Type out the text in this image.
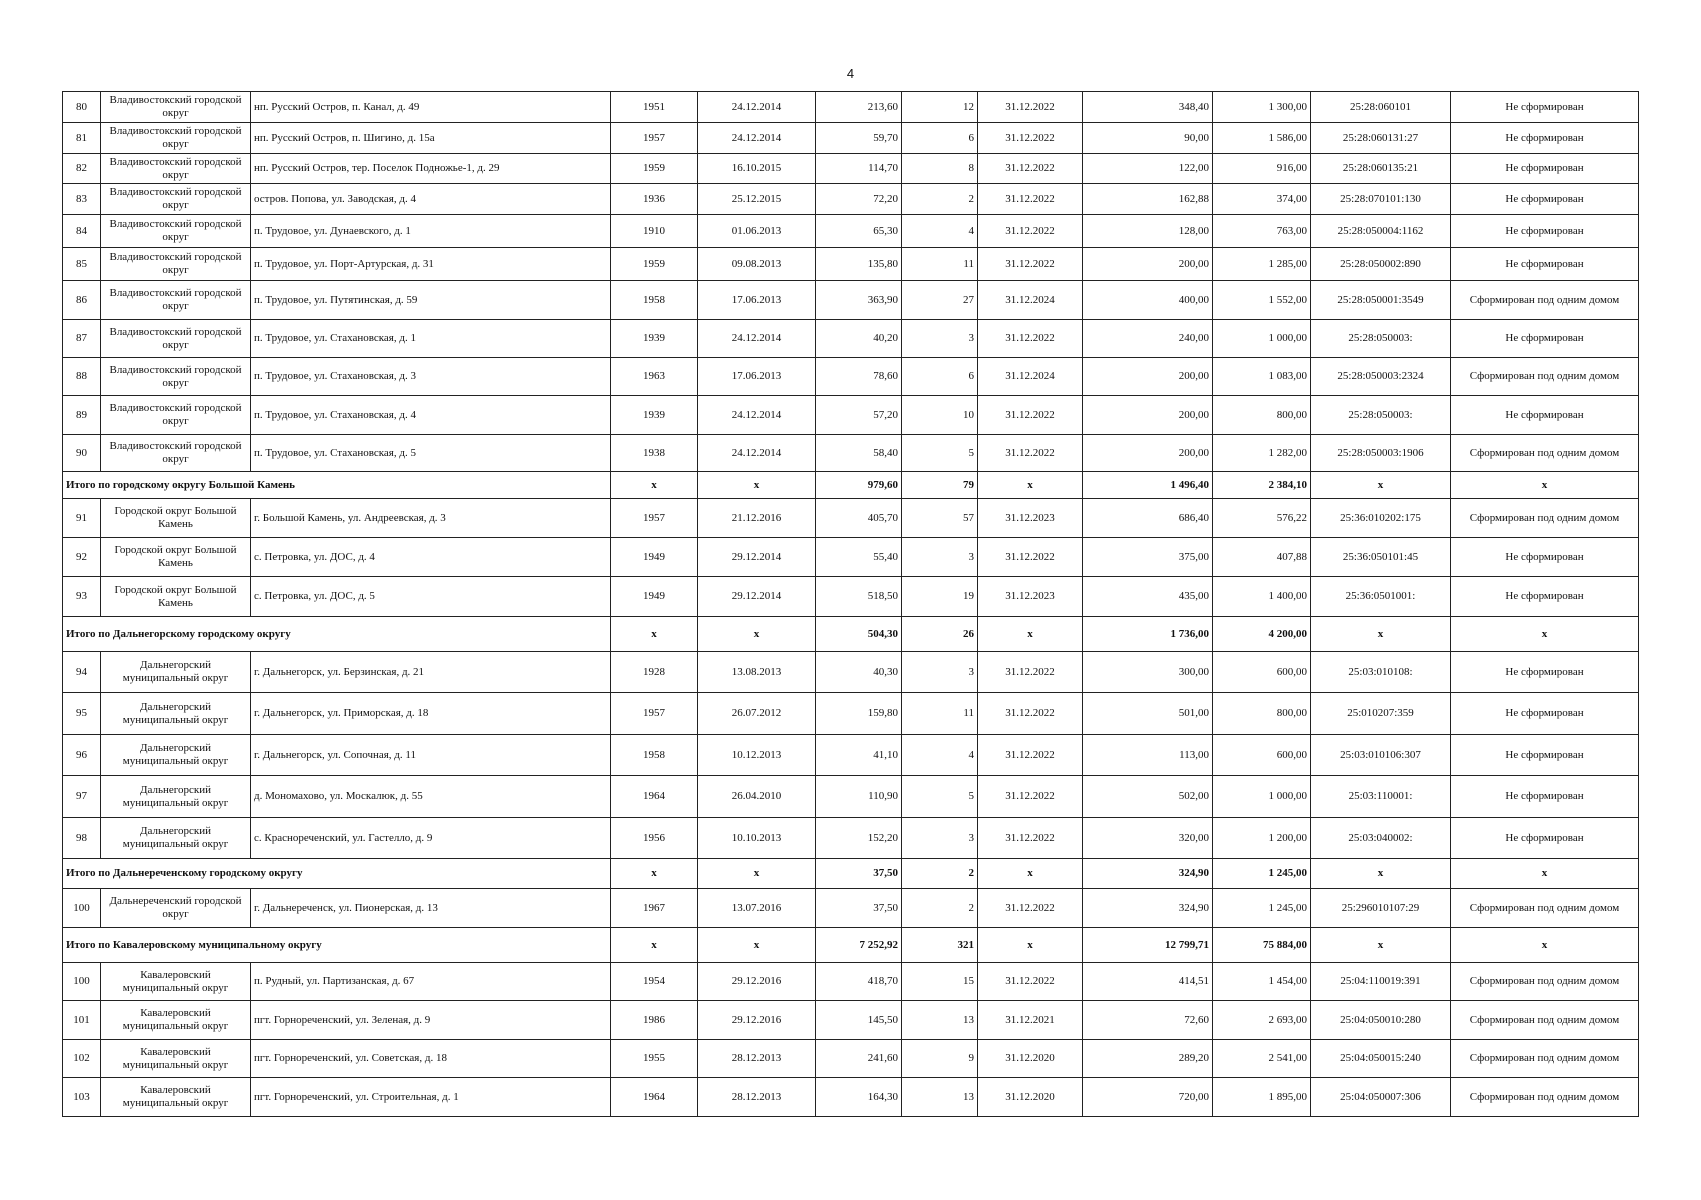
4
80	Владивостокский городской округ	нп. Русский Остров, п. Канал, д. 49	1951	24.12.2014	213,60	12	31.12.2022	348,40	1 300,00	25:28:060101	Не сформирован
81	Владивостокский городской округ	нп. Русский Остров, п. Шигино, д. 15а	1957	24.12.2014	59,70	6	31.12.2022	90,00	1 586,00	25:28:060131:27	Не сформирован
82	Владивостокский городской округ	нп. Русский Остров, тер. Поселок Подножье-1, д. 29	1959	16.10.2015	114,70	8	31.12.2022	122,00	916,00	25:28:060135:21	Не сформирован
83	Владивостокский городской округ	остров. Попова, ул. Заводская, д. 4	1936	25.12.2015	72,20	2	31.12.2022	162,88	374,00	25:28:070101:130	Не сформирован
84	Владивостокский городской округ	п. Трудовое, ул. Дунаевского, д. 1	1910	01.06.2013	65,30	4	31.12.2022	128,00	763,00	25:28:050004:1162	Не сформирован
85	Владивостокский городской округ	п. Трудовое, ул. Порт-Артурская, д. 31	1959	09.08.2013	135,80	11	31.12.2022	200,00	1 285,00	25:28:050002:890	Не сформирован
86	Владивостокский городской округ	п. Трудовое, ул. Путятинская, д. 59	1958	17.06.2013	363,90	27	31.12.2024	400,00	1 552,00	25:28:050001:3549	Сформирован под одним домом
87	Владивостокский городской округ	п. Трудовое, ул. Стахановская, д. 1	1939	24.12.2014	40,20	3	31.12.2022	240,00	1 000,00	25:28:050003:	Не сформирован
88	Владивостокский городской округ	п. Трудовое, ул. Стахановская, д. 3	1963	17.06.2013	78,60	6	31.12.2024	200,00	1 083,00	25:28:050003:2324	Сформирован под одним домом
89	Владивостокский городской округ	п. Трудовое, ул. Стахановская, д. 4	1939	24.12.2014	57,20	10	31.12.2022	200,00	800,00	25:28:050003:	Не сформирован
90	Владивостокский городской округ	п. Трудовое, ул. Стахановская, д. 5	1938	24.12.2014	58,40	5	31.12.2022	200,00	1 282,00	25:28:050003:1906	Сформирован под одним домом
Итого по городскому округу Большой Камень			x	x	979,60	79	x	1 496,40	2 384,10	x	x
91	Городской округ Большой Камень	г. Большой Камень, ул. Андреевская, д. 3	1957	21.12.2016	405,70	57	31.12.2023	686,40	576,22	25:36:010202:175	Сформирован под одним домом
92	Городской округ Большой Камень	с. Петровка, ул. ДОС, д. 4	1949	29.12.2014	55,40	3	31.12.2022	375,00	407,88	25:36:050101:45	Не сформирован
93	Городской округ Большой Камень	с. Петровка, ул. ДОС, д. 5	1949	29.12.2014	518,50	19	31.12.2023	435,00	1 400,00	25:36:0501001:	Не сформирован
Итого по Дальнегорскому городскому округу			x	x	504,30	26	x	1 736,00	4 200,00	x	x
94	Дальнегорский муниципальный округ	г. Дальнегорск, ул. Берзинская, д. 21	1928	13.08.2013	40,30	3	31.12.2022	300,00	600,00	25:03:010108:	Не сформирован
95	Дальнегорский муниципальный округ	г. Дальнегорск, ул. Приморская, д. 18	1957	26.07.2012	159,80	11	31.12.2022	501,00	800,00	25:010207:359	Не сформирован
96	Дальнегорский муниципальный округ	г. Дальнегорск, ул. Сопочная, д. 11	1958	10.12.2013	41,10	4	31.12.2022	113,00	600,00	25:03:010106:307	Не сформирован
97	Дальнегорский муниципальный округ	д. Мономахово, ул. Москалюк, д. 55	1964	26.04.2010	110,90	5	31.12.2022	502,00	1 000,00	25:03:110001:	Не сформирован
98	Дальнегорский муниципальный округ	с. Краснореченский, ул. Гастелло, д. 9	1956	10.10.2013	152,20	3	31.12.2022	320,00	1 200,00	25:03:040002:	Не сформирован
Итого по Дальнереченскому городскому округу			x	x	37,50	2	x	324,90	1 245,00	x	x
100	Дальнереченский городской округ	г. Дальнереченск, ул. Пионерская, д. 13	1967	13.07.2016	37,50	2	31.12.2022	324,90	1 245,00	25:296010107:29	Сформирован под одним домом
Итого по Кавалеровскому муниципальному округу			x	x	7 252,92	321	x	12 799,71	75 884,00	x	x
100	Кавалеровский муниципальный округ	п. Рудный, ул. Партизанская, д. 67	1954	29.12.2016	418,70	15	31.12.2022	414,51	1 454,00	25:04:110019:391	Сформирован под одним домом
101	Кавалеровский муниципальный округ	пгт. Горнореченский, ул. Зеленая, д. 9	1986	29.12.2016	145,50	13	31.12.2021	72,60	2 693,00	25:04:050010:280	Сформирован под одним домом
102	Кавалеровский муниципальный округ	пгт. Горнореченский, ул. Советская, д. 18	1955	28.12.2013	241,60	9	31.12.2020	289,20	2 541,00	25:04:050015:240	Сформирован под одним домом
103	Кавалеровский муниципальный округ	пгт. Горнореченский, ул. Строительная, д. 1	1964	28.12.2013	164,30	13	31.12.2020	720,00	1 895,00	25:04:050007:306	Сформирован под одним домом
